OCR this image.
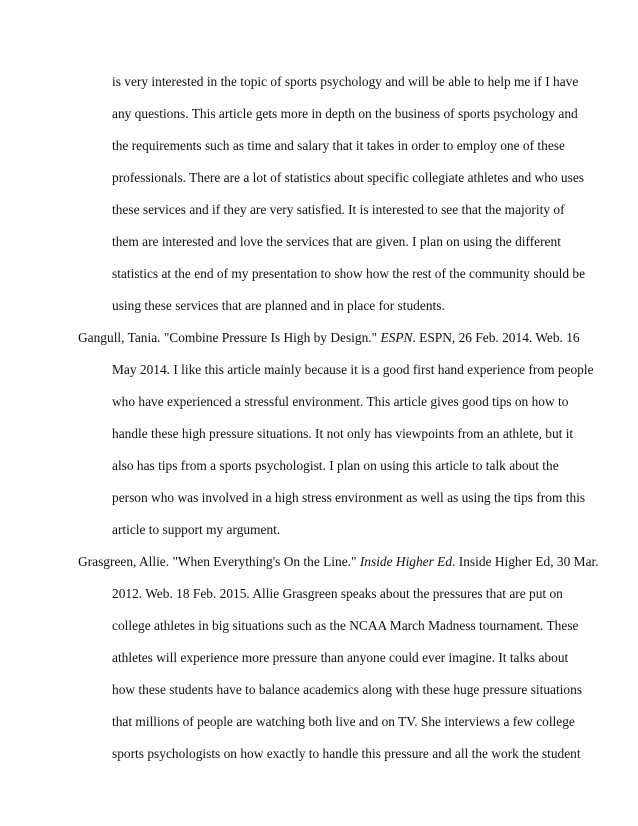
is very interested in the topic of sports psychology and will be able to help me if I have
any questions. This article gets more in depth on the business of sports psychology and
the requirements such as time and salary that it takes in order to employ one of these
professionals. There are a lot of statistics about specific collegiate athletes and who uses
these services and if they are very satisfied. It is interested to see that the majority of
them are interested and love the services that are given. I plan on using the different
statistics at the end of my presentation to show how the rest of the community should be
using these services that are planned and in place for students.
Gangull, Tania. "Combine Pressure Is High by Design." ESPN. ESPN, 26 Feb. 2014. Web. 16
May 2014. I like this article mainly because it is a good first hand experience from people
who have experienced a stressful environment. This article gives good tips on how to
handle these high pressure situations. It not only has viewpoints from an athlete, but it
also has tips from a sports psychologist. I plan on using this article to talk about the
person who was involved in a high stress environment as well as using the tips from this
article to support my argument.
Grasgreen, Allie. "When Everything's On the Line." Inside Higher Ed. Inside Higher Ed, 30 Mar.
2012. Web. 18 Feb. 2015. Allie Grasgreen speaks about the pressures that are put on
college athletes in big situations such as the NCAA March Madness tournament. These
athletes will experience more pressure than anyone could ever imagine. It talks about
how these students have to balance academics along with these huge pressure situations
that millions of people are watching both live and on TV. She interviews a few college
sports psychologists on how exactly to handle this pressure and all the work the student
